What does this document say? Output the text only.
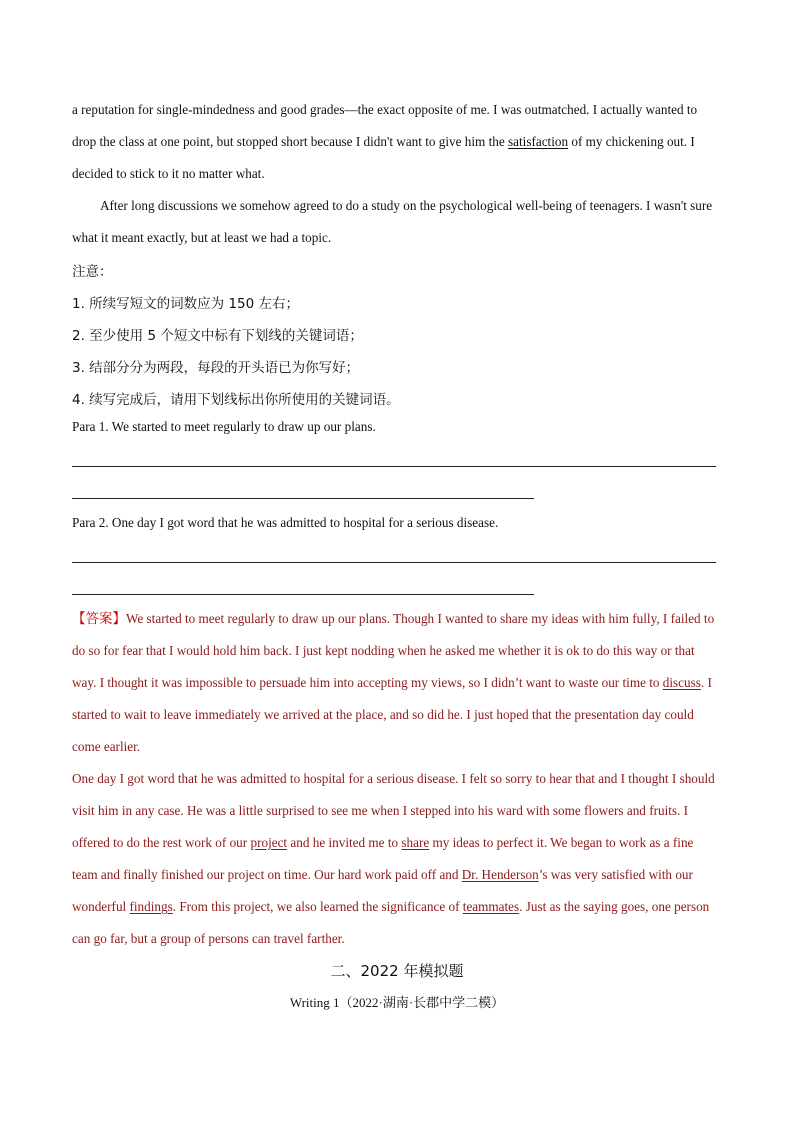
a reputation for single-mindedness and good grades—the exact opposite of me. I was outmatched. I actually wanted to drop the class at one point, but stopped short because I didn't want to give him the satisfaction of my chickening out. I decided to stick to it no matter what.

After long discussions we somehow agreed to do a study on the psychological well-being of teenagers. I wasn't sure what it meant exactly, but at least we had a topic.

注意：
1. 所续写短文的词数应为 150 左右；
2. 至少使用 5 个短文中标有下划线的关键词语；
3. 结部分分为两段，每段的开头语已为你写好；
4. 续写完成后，请用下划线标出你所使用的关键词语。
Para 1. We started to meet regularly to draw up our plans.
Para 2. One day I got word that he was admitted to hospital for a serious disease.

【答案】We started to meet regularly to draw up our plans. Though I wanted to share my ideas with him fully, I failed to do so for fear that I would hold him back. I just kept nodding when he asked me whether it is ok to do this way or that way. I thought it was impossible to persuade him into accepting my views, so I didn’t want to waste our time to discuss. I started to wait to leave immediately we arrived at the place, and so did he. I just hoped that the presentation day could come earlier.

One day I got word that he was admitted to hospital for a serious disease. I felt so sorry to hear that and I thought I should visit him in any case. He was a little surprised to see me when I stepped into his ward with some flowers and fruits. I offered to do the rest work of our project and he invited me to share my ideas to perfect it. We began to work as a fine team and finally finished our project on time. Our hard work paid off and Dr. Henderson’s was very satisfied with our wonderful findings. From this project, we also learned the significance of teammates. Just as the saying goes, one person can go far, but a group of persons can travel farther.

二、2022 年模拟题
Writing 1（2022·湖南·长郡中学二模）
